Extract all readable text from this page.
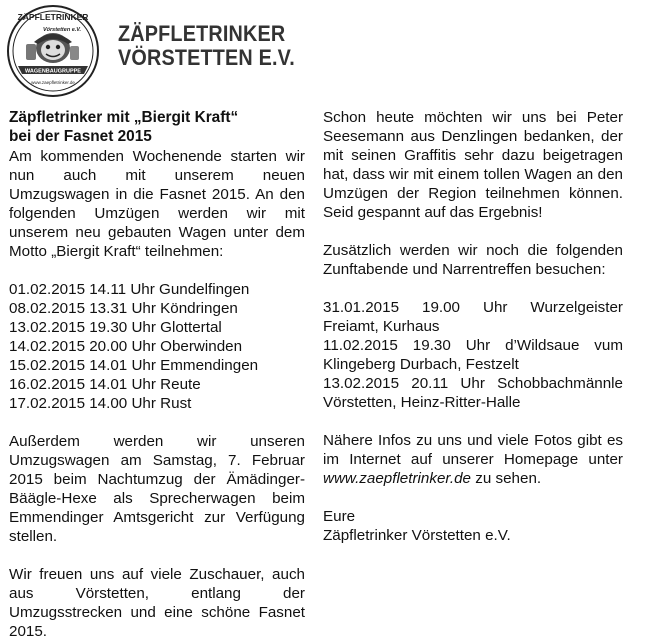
WAGENBAUGRUPPE
ZÄPFLETRINKER
Vörstetten e.V.
www.zaepfletrinker.de
ZÄPFLETRINKER
VÖRSTETTEN E.V.
Zäpfletrinker mit „Biergit Kraft“
bei der Fasnet 2015

Am kommenden Wochenende starten wir nun auch mit unserem neuen Umzugswagen in die Fasnet 2015. An den folgenden Umzügen werden wir mit unserem neu gebauten Wagen unter dem Motto „Biergit Kraft“ teilnehmen:

01.02.2015 14.11 Uhr Gundelfingen
08.02.2015 13.31 Uhr Köndringen
13.02.2015 19.30 Uhr Glottertal
14.02.2015 20.00 Uhr Oberwinden
15.02.2015 14.01 Uhr Emmendingen
16.02.2015 14.01 Uhr Reute
17.02.2015 14.00 Uhr Rust

Außerdem werden wir unseren Umzugswagen am Samstag, 7. Februar 2015 beim Nachtumzug der Ämädinger-Bäägle-Hexe als Sprecherwagen beim Emmendinger Amtsgericht zur Verfügung stellen.

Wir freuen uns auf viele Zuschauer, auch aus Vörstetten, entlang der Umzugsstrecken und eine schöne Fasnet 2015.

Schon heute möchten wir uns bei Peter Seesemann aus Denzlingen bedanken, der mit seinen Graffitis sehr dazu beigetragen hat, dass wir mit einem tollen Wagen an den Umzügen der Region teilnehmen können. Seid gespannt auf das Ergebnis!

Zusätzlich werden wir noch die folgenden Zunftabende und Narrentreffen besuchen:

31.01.2015 19.00 Uhr Wurzelgeister Freiamt, Kurhaus

11.02.2015 19.30 Uhr d’Wildsaue vum Klingeberg Durbach, Festzelt

13.02.2015 20.11 Uhr Schobbachmännle Vörstetten, Heinz-Ritter-Halle

Nähere Infos zu uns und viele Fotos gibt es im Internet auf unserer Homepage unter www.zaepfletrinker.de zu sehen.

Eure
Zäpfletrinker Vörstetten e.V.
